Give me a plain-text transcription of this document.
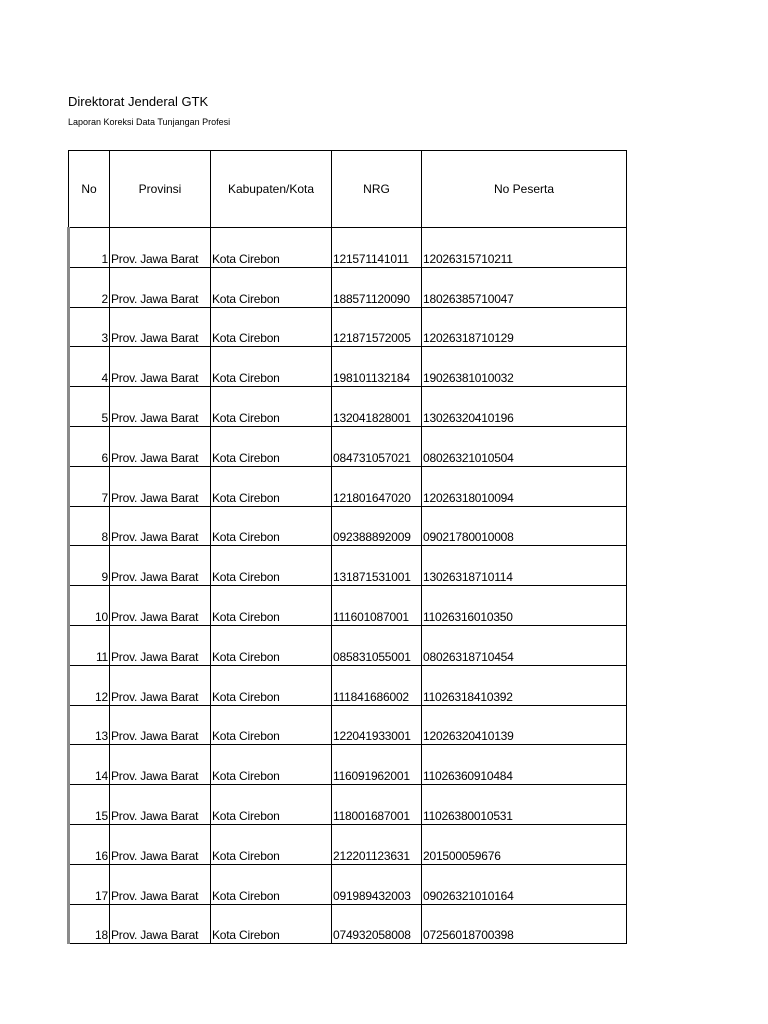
Direktorat Jenderal GTK
Laporan Koreksi Data Tunjangan Profesi
No	Provinsi	Kabupaten/Kota	NRG	No Peserta
1	Prov. Jawa Barat	Kota Cirebon	121571141011	12026315710211
2	Prov. Jawa Barat	Kota Cirebon	188571120090	18026385710047
3	Prov. Jawa Barat	Kota Cirebon	121871572005	12026318710129
4	Prov. Jawa Barat	Kota Cirebon	198101132184	19026381010032
5	Prov. Jawa Barat	Kota Cirebon	132041828001	13026320410196
6	Prov. Jawa Barat	Kota Cirebon	084731057021	08026321010504
7	Prov. Jawa Barat	Kota Cirebon	121801647020	12026318010094
8	Prov. Jawa Barat	Kota Cirebon	092388892009	09021780010008
9	Prov. Jawa Barat	Kota Cirebon	131871531001	13026318710114
10	Prov. Jawa Barat	Kota Cirebon	111601087001	11026316010350
11	Prov. Jawa Barat	Kota Cirebon	085831055001	08026318710454
12	Prov. Jawa Barat	Kota Cirebon	111841686002	11026318410392
13	Prov. Jawa Barat	Kota Cirebon	122041933001	12026320410139
14	Prov. Jawa Barat	Kota Cirebon	116091962001	11026360910484
15	Prov. Jawa Barat	Kota Cirebon	118001687001	11026380010531
16	Prov. Jawa Barat	Kota Cirebon	212201123631	201500059676
17	Prov. Jawa Barat	Kota Cirebon	091989432003	09026321010164
18	Prov. Jawa Barat	Kota Cirebon	074932058008	07256018700398
